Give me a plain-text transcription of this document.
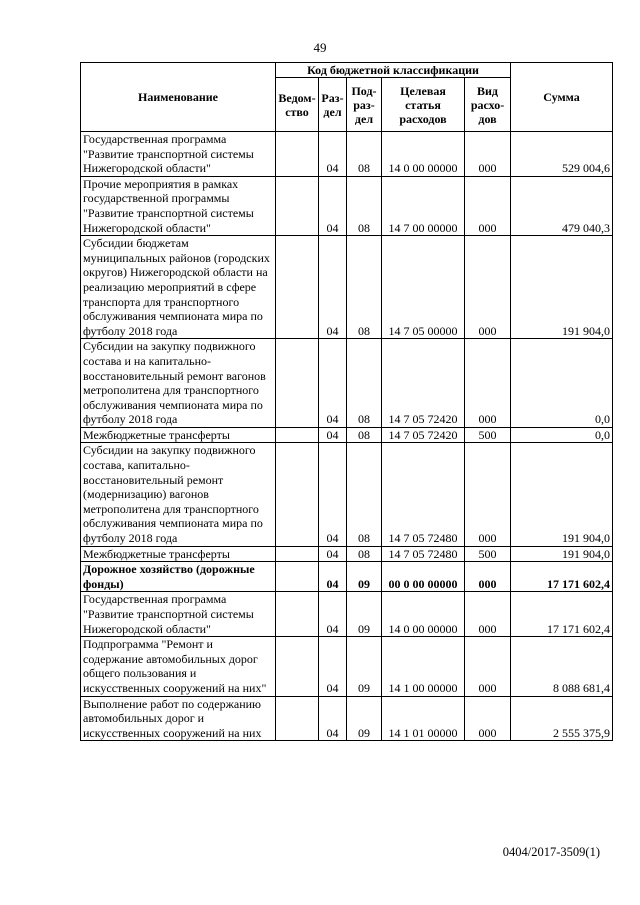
49
Наименование	Код бюджетной классификации					Сумма
	Ведом-ство	Раз-дел	Под-раз-дел	Целевая статья расходов	Вид расхо-дов	
Государственная программа "Развитие транспортной системы Нижегородской области"		04	08	14 0 00 00000	000	529 004,6
Прочие мероприятия в рамках государственной программы "Развитие транспортной системы Нижегородской области"		04	08	14 7 00 00000	000	479 040,3
Субсидии бюджетам муниципальных районов (городских округов) Нижегородской области на реализацию мероприятий в сфере транспорта для транспортного обслуживания чемпионата мира по футболу 2018 года		04	08	14 7 05 00000	000	191 904,0
Субсидии на закупку подвижного состава и на капитально-восстановительный ремонт вагонов метрополитена для транспортного обслуживания чемпионата мира по футболу 2018 года		04	08	14 7 05 72420	000	0,0
Межбюджетные трансферты		04	08	14 7 05 72420	500	0,0
Субсидии на закупку подвижного состава, капитально-восстановительный ремонт (модернизацию) вагонов метрополитена для транспортного обслуживания чемпионата мира по футболу 2018 года		04	08	14 7 05 72480	000	191 904,0
Межбюджетные трансферты		04	08	14 7 05 72480	500	191 904,0
Дорожное хозяйство (дорожные фонды)		04	09	00 0 00 00000	000	17 171 602,4
Государственная программа "Развитие транспортной системы Нижегородской области"		04	09	14 0 00 00000	000	17 171 602,4
Подпрограмма "Ремонт и содержание автомобильных дорог общего пользования и искусственных сооружений на них"		04	09	14 1 00 00000	000	8 088 681,4
Выполнение работ по содержанию автомобильных дорог и искусственных сооружений на них		04	09	14 1 01 00000	000	2 555 375,9
0404/2017-3509(1)
